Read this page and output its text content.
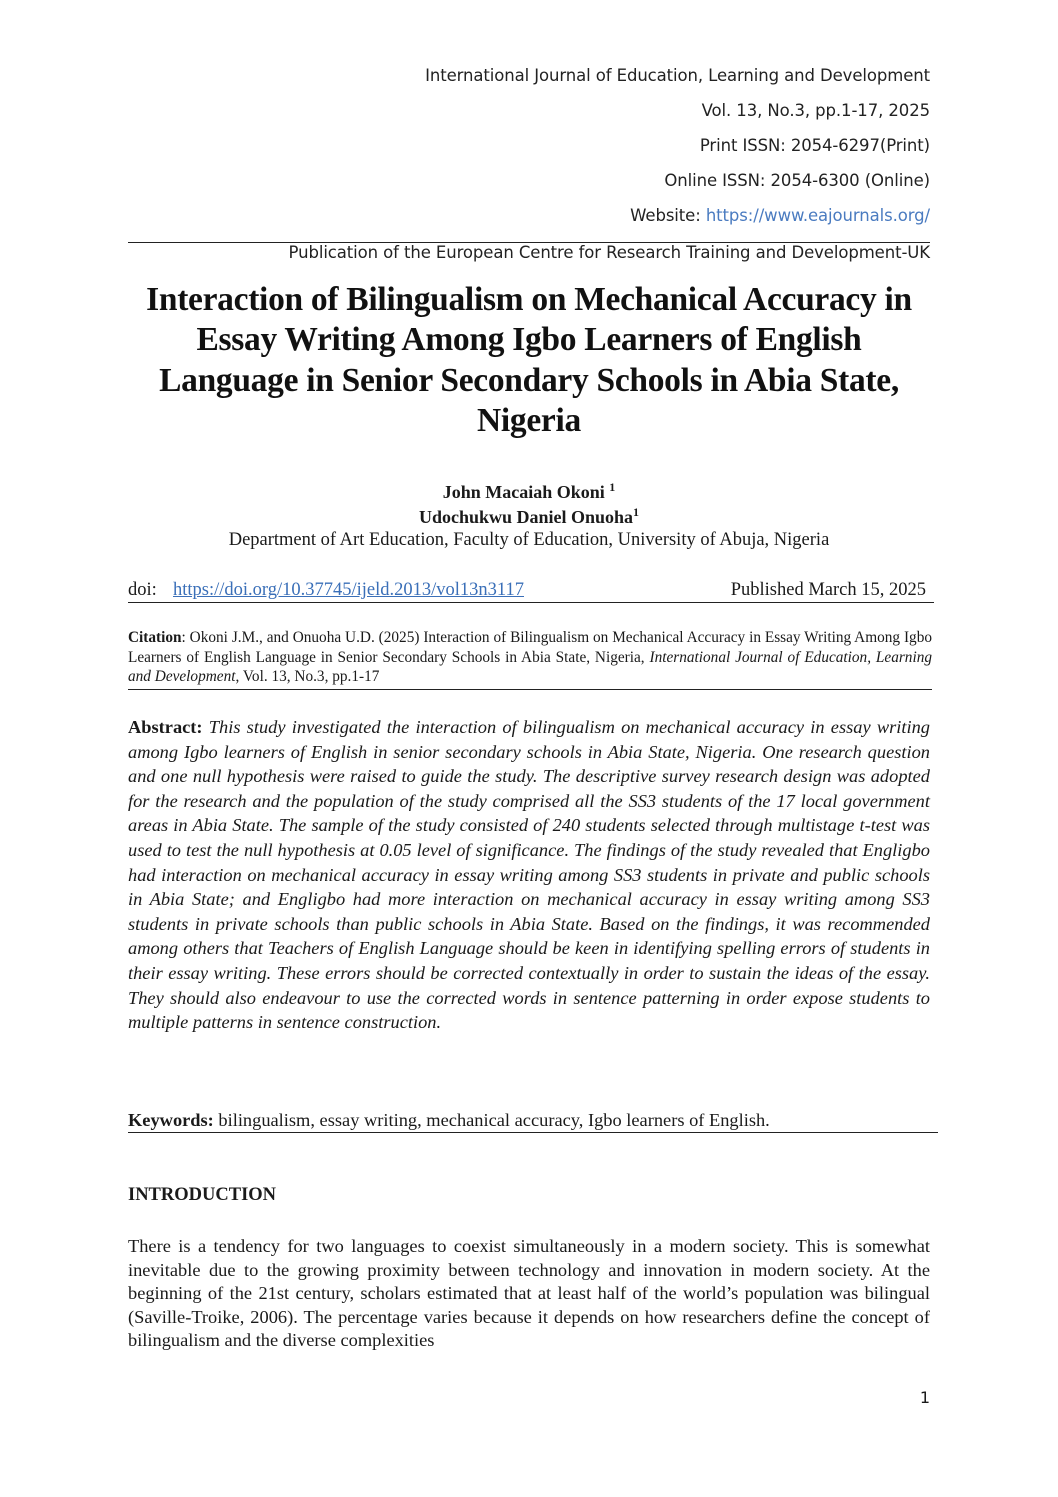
International Journal of Education, Learning and Development
Vol. 13, No.3, pp.1-17, 2025
Print ISSN: 2054-6297(Print)
Online ISSN: 2054-6300 (Online)
Website: https://www.eajournals.org/
Publication of the European Centre for Research Training and Development-UK
Interaction of Bilingualism on Mechanical Accuracy in Essay Writing Among Igbo Learners of English Language in Senior Secondary Schools in Abia State, Nigeria
John Macaiah Okoni $^1$
Udochukwu Daniel Onuoha$^1$
Department of Art Education, Faculty of Education, University of Abuja, Nigeria
doi: https://doi.org/10.37745/ijeld.2013/vol13n3117	Published March 15, 2025
Citation: Okoni J.M., and Onuoha U.D. (2025) Interaction of Bilingualism on Mechanical Accuracy in Essay Writing Among Igbo Learners of English Language in Senior Secondary Schools in Abia State, Nigeria, International Journal of Education, Learning and Development, Vol. 13, No.3, pp.1-17
Abstract: This study investigated the interaction of bilingualism on mechanical accuracy in essay writing among Igbo learners of English in senior secondary schools in Abia State, Nigeria. One research question and one null hypothesis were raised to guide the study. The descriptive survey research design was adopted for the research and the population of the study comprised all the SS3 students of the 17 local government areas in Abia State. The sample of the study consisted of 240 students selected through multistage t-test was used to test the null hypothesis at 0.05 level of significance. The findings of the study revealed that Engligbo had interaction on mechanical accuracy in essay writing among SS3 students in private and public schools in Abia State; and Engligbo had more interaction on mechanical accuracy in essay writing among SS3 students in private schools than public schools in Abia State. Based on the findings, it was recommended among others that Teachers of English Language should be keen in identifying spelling errors of students in their essay writing. These errors should be corrected contextually in order to sustain the ideas of the essay. They should also endeavour to use the corrected words in sentence patterning in order expose students to multiple patterns in sentence construction.
Keywords: bilingualism, essay writing, mechanical accuracy, Igbo learners of English.
INTRODUCTION
There is a tendency for two languages to coexist simultaneously in a modern society. This is somewhat inevitable due to the growing proximity between technology and innovation in modern society. At the beginning of the 21st century, scholars estimated that at least half of the world’s population was bilingual (Saville-Troike, 2006). The percentage varies because it depends on how researchers define the concept of bilingualism and the diverse complexities
1
